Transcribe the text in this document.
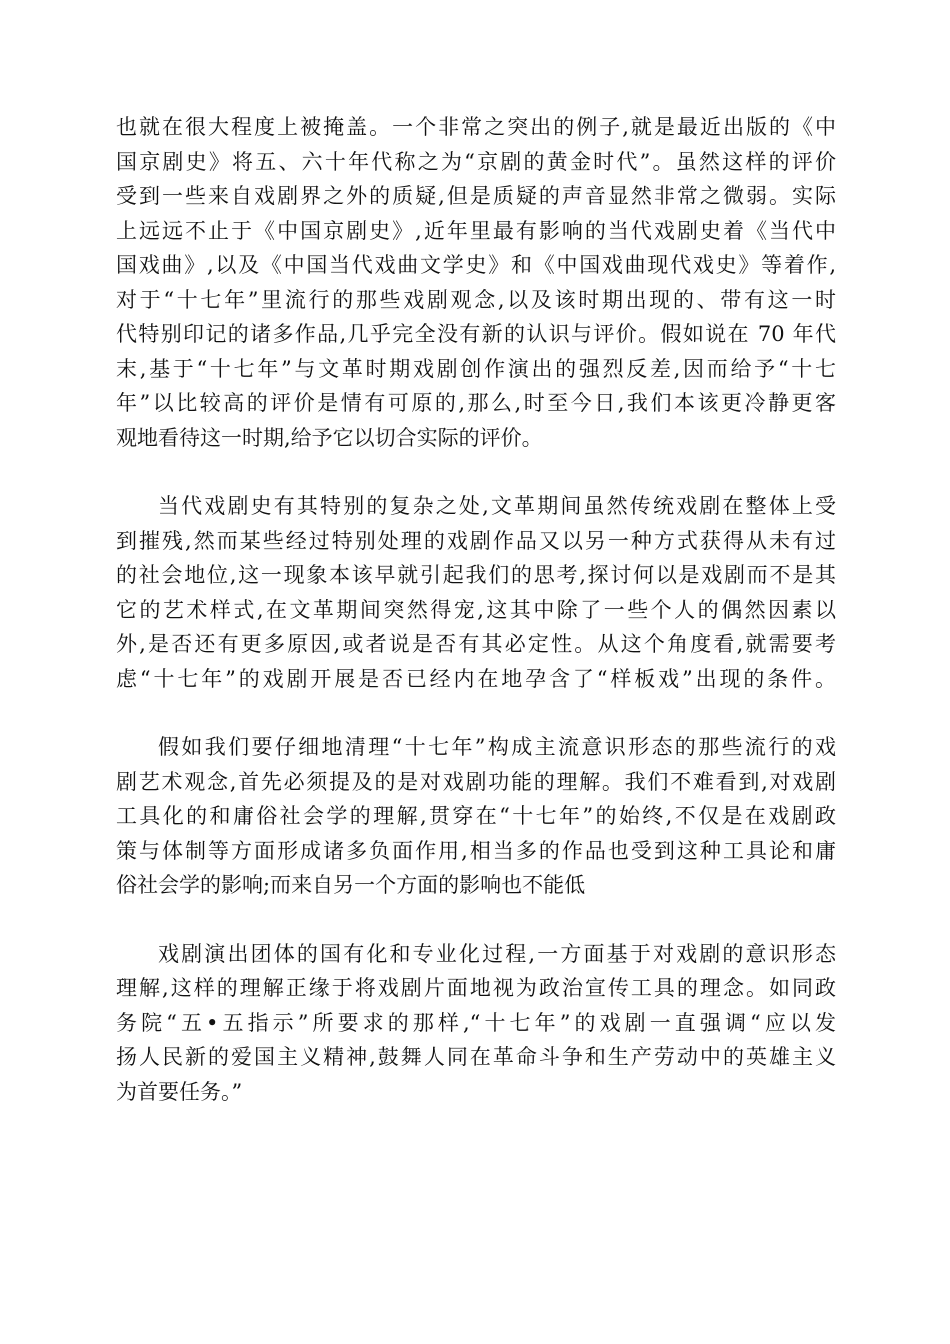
也就在很大程度上被掩盖。一个非常之突出的例子,就是最近出版的《中
国京剧史》将五、六十年代称之为“京剧的黄金时代”。虽然这样的评价
受到一些来自戏剧界之外的质疑,但是质疑的声音显然非常之微弱。实际
上远远不止于《中国京剧史》,近年里最有影响的当代戏剧史着《当代中
国戏曲》,以及《中国当代戏曲文学史》和《中国戏曲现代戏史》等着作,
对于“十七年”里流行的那些戏剧观念,以及该时期出现的、带有这一时
代特别印记的诸多作品,几乎完全没有新的认识与评价。假如说在 70 年代
末,基于“十七年”与文革时期戏剧创作演出的强烈反差,因而给予“十七
年”以比较高的评价是情有可原的,那么,时至今日,我们本该更冷静更客
观地看待这一时期,给予它以切合实际的评价。
当代戏剧史有其特别的复杂之处,文革期间虽然传统戏剧在整体上受
到摧残,然而某些经过特别处理的戏剧作品又以另一种方式获得从未有过
的社会地位,这一现象本该早就引起我们的思考,探讨何以是戏剧而不是其
它的艺术样式,在文革期间突然得宠,这其中除了一些个人的偶然因素以
外,是否还有更多原因,或者说是否有其必定性。从这个角度看,就需要考
虑“十七年”的戏剧开展是否已经内在地孕含了“样板戏”出现的条件。
假如我们要仔细地清理“十七年”构成主流意识形态的那些流行的戏
剧艺术观念,首先必须提及的是对戏剧功能的理解。我们不难看到,对戏剧
工具化的和庸俗社会学的理解,贯穿在“十七年”的始终,不仅是在戏剧政
策与体制等方面形成诸多负面作用,相当多的作品也受到这种工具论和庸
俗社会学的影响;而来自另一个方面的影响也不能低
戏剧演出团体的国有化和专业化过程,一方面基于对戏剧的意识形态
理解,这样的理解正缘于将戏剧片面地视为政治宣传工具的理念。如同政
务院“五•五指示”所要求的那样,“十七年”的戏剧一直强调“应以发
扬人民新的爱国主义精神,鼓舞人同在革命斗争和生产劳动中的英雄主义
为首要任务。”
